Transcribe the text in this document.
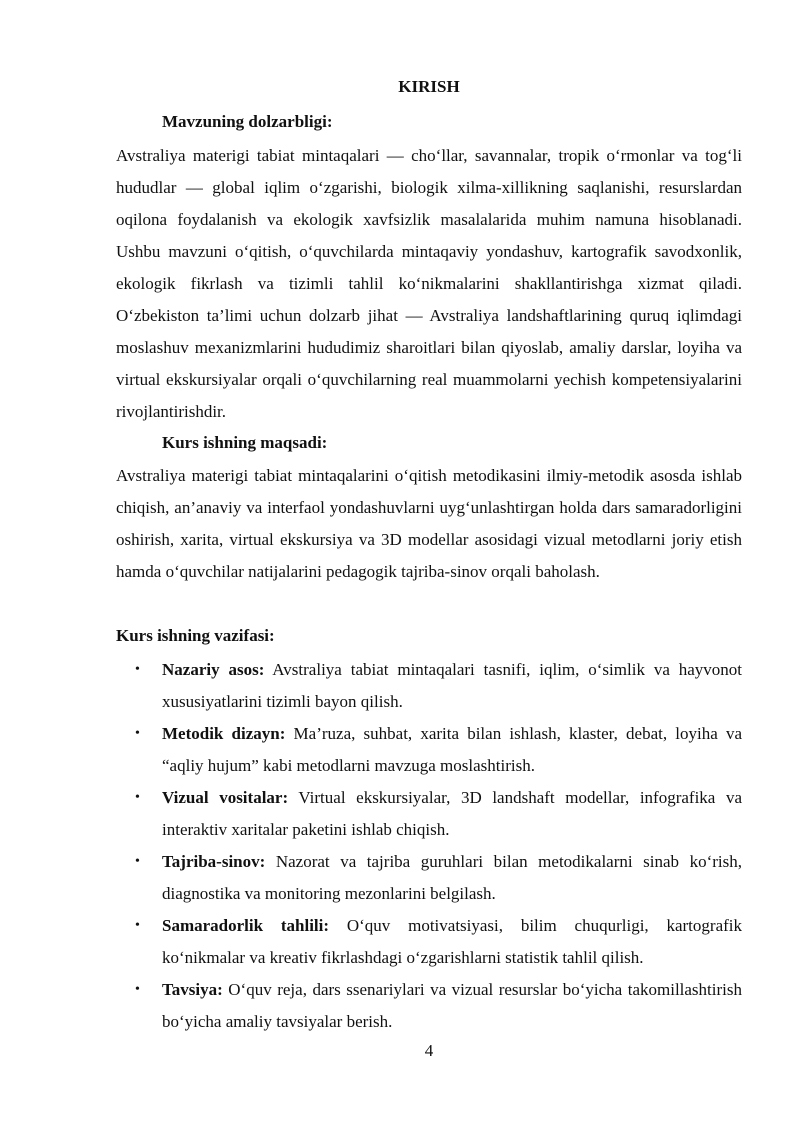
KIRISH
Mavzuning dolzarbligi:

Avstraliya materigi tabiat mintaqalari — cho‘llar, savannalar, tropik o‘rmonlar va tog‘li hududlar — global iqlim o‘zgarishi, biologik xilma-xillikning saqlanishi, resurslardan oqilona foydalanish va ekologik xavfsizlik masalalarida muhim namuna hisoblanadi. Ushbu mavzuni o‘qitish, o‘quvchilarda mintaqaviy yondashuv, kartografik savodxonlik, ekologik fikrlash va tizimli tahlil ko‘nikmalarini shakllantirishga xizmat qiladi. O‘zbekiston ta’limi uchun dolzarb jihat — Avstraliya landshaftlarining quruq iqlimdagi moslashuv mexanizmlarini hududimiz sharoitlari bilan qiyoslab, amaliy darslar, loyiha va virtual ekskursiyalar orqali o‘quvchilarning real muammolarni yechish kompetensiyalarini rivojlantirishdir.

Kurs ishning maqsadi:

Avstraliya materigi tabiat mintaqalarini o‘qitish metodikasini ilmiy-metodik asosda ishlab chiqish, an’anaviy va interfaol yondashuvlarni uyg‘unlashtirgan holda dars samaradorligini oshirish, xarita, virtual ekskursiya va 3D modellar asosidagi vizual metodlarni joriy etish hamda o‘quvchilar natijalarini pedagogik tajriba-sinov orqali baholash.

Kurs ishning vazifasi:
• Nazariy asos: Avstraliya tabiat mintaqalari tasnifi, iqlim, o‘simlik va hayvonot xususiyatlarini tizimli bayon qilish.
• Metodik dizayn: Ma’ruza, suhbat, xarita bilan ishlash, klaster, debat, loyiha va “aqliy hujum” kabi metodlarni mavzuga moslashtirish.
• Vizual vositalar: Virtual ekskursiyalar, 3D landshaft modellar, infografika va interaktiv xaritalar paketini ishlab chiqish.
• Tajriba-sinov: Nazorat va tajriba guruhlari bilan metodikalarni sinab ko‘rish, diagnostika va monitoring mezonlarini belgilash.
• Samaradorlik tahlili: O‘quv motivatsiyasi, bilim chuqurligi, kartografik ko‘nikmalar va kreativ fikrlashdagi o‘zgarishlarni statistik tahlil qilish.
• Tavsiya: O‘quv reja, dars ssenariylari va vizual resurslar bo‘yicha takomillashtirish bo‘yicha amaliy tavsiyalar berish.

4
